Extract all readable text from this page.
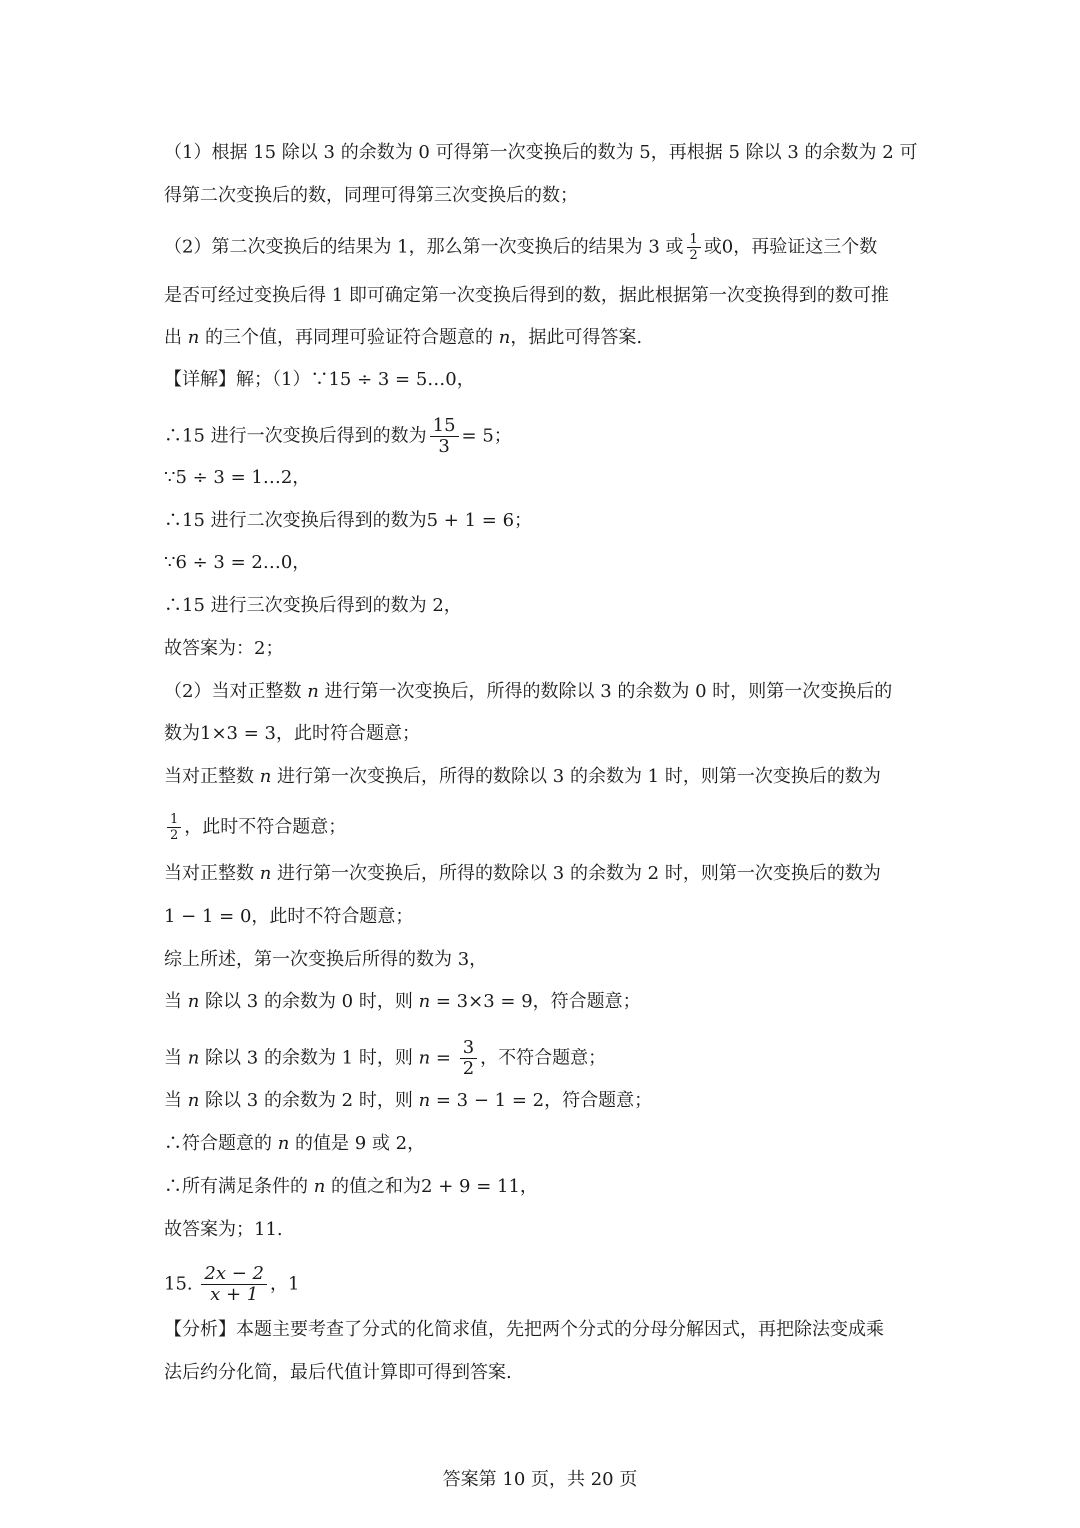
（1）根据 15 除以 3 的余数为 0 可得第一次变换后的数为 5，再根据 5 除以 3 的余数为 2 可
得第二次变换后的数，同理可得第三次变换后的数；
（2）第二次变换后的结果为 1，那么第一次变换后的结果为 3 或 $\frac{1}{2}$ 或0，再验证这三个数
是否可经过变换后得 1 即可确定第一次变换后得到的数，据此根据第一次变换得到的数可推
出 n 的三个值，再同理可验证符合题意的 n，据此可得答案.
【详解】解；（1）∵15 ÷ 3 = 5…0，
∴15 进行一次变换后得到的数为 $\frac{15}{3} = 5$；
∵5 ÷ 3 = 1…2，
∴15 进行二次变换后得到的数为5 + 1 = 6；
∵6 ÷ 3 = 2…0，
∴15 进行三次变换后得到的数为 2，
故答案为：2；
（2）当对正整数 n 进行第一次变换后，所得的数除以 3 的余数为 0 时，则第一次变换后的
数为1×3 = 3，此时符合题意；
当对正整数 n 进行第一次变换后，所得的数除以 3 的余数为 1 时，则第一次变换后的数为
$\frac{1}{2}$ ，此时不符合题意；
当对正整数 n 进行第一次变换后，所得的数除以 3 的余数为 2 时，则第一次变换后的数为
1 − 1 = 0，此时不符合题意；
综上所述，第一次变换后所得的数为 3，
当 n 除以 3 的余数为 0 时，则 n = 3×3 = 9，符合题意；
当 n 除以 3 的余数为 1 时，则 $n = \frac{3}{2}$ ，不符合题意；
当 n 除以 3 的余数为 2 时，则 n = 3 − 1 = 2，符合题意；
∴符合题意的 n 的值是 9 或 2，
∴所有满足条件的 n 的值之和为2 + 9 = 11，
故答案为；11.
15. $\frac{2x - 2}{x + 1}$ ，1
【分析】本题主要考查了分式的化简求值，先把两个分式的分母分解因式，再把除法变成乘
法后约分化简，最后代值计算即可得到答案.
答案第 10 页，共 20 页
